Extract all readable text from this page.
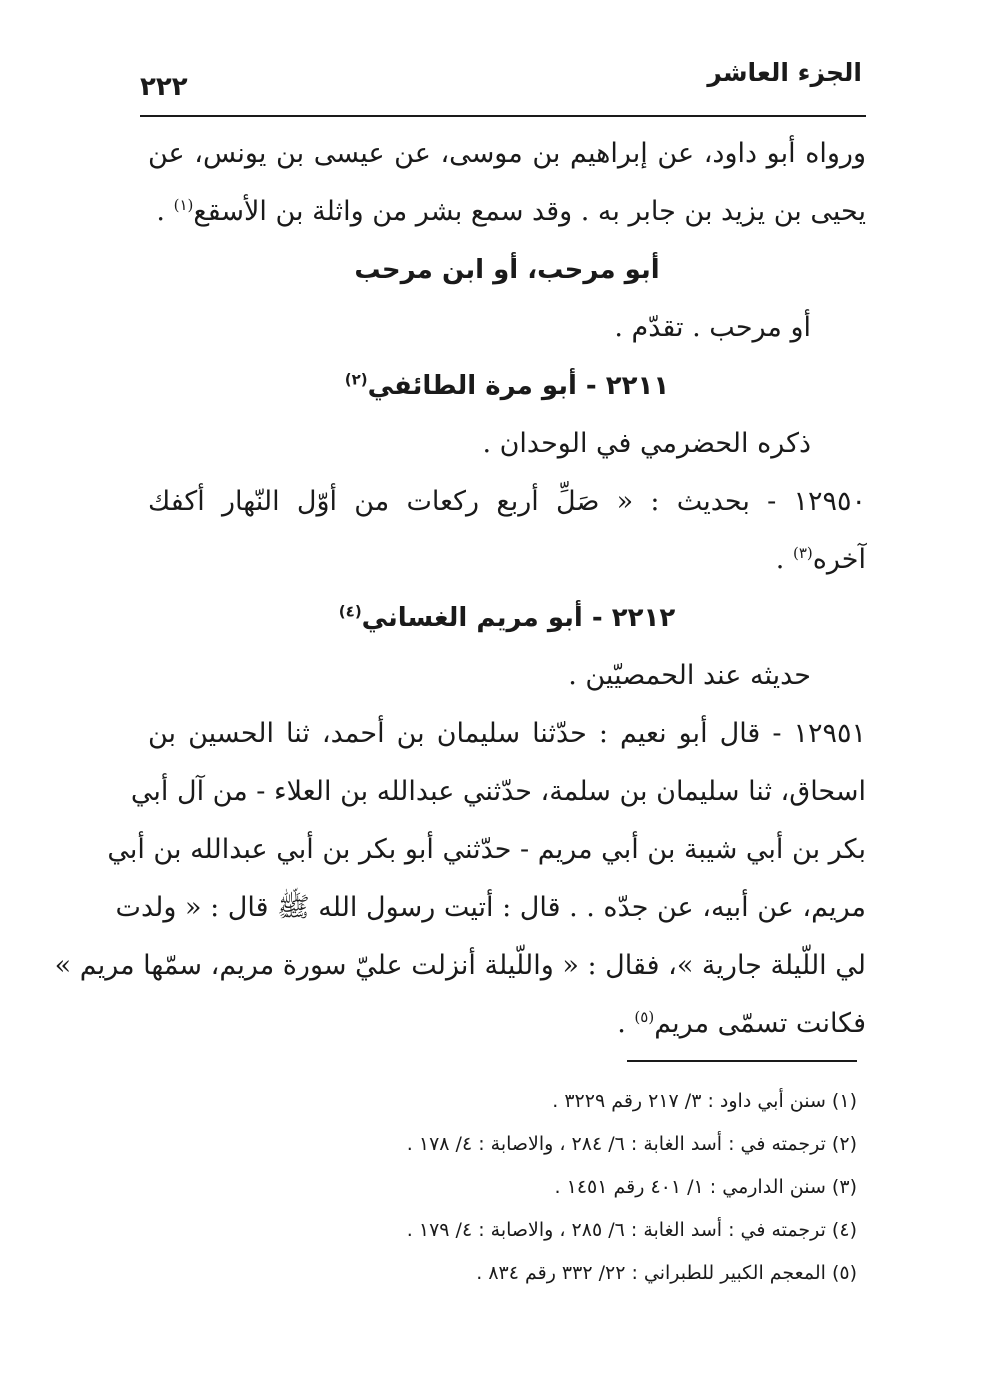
٢٢٢	الجزء العاشر
ورواه أبو داود، عن إبراهيم بن موسى، عن عيسى بن يونس، عن
يحيى بن يزيد بن جابر به . وقد سمع بشر من واثلة بن الأسقع$^{(١)}$ .
أبو مرحب، أو ابن مرحب
أو مرحب . تقدّم .
٢٢١١ - أبو مرة الطائفي$^{(٢)}$
ذكره الحضرمي في الوحدان .
١٢٩٥٠ - بحديث : « صَلِّ أربع ركعات من أوّل النّهار أكفك
آخره$^{(٣)}$ .
٢٢١٢ - أبو مريم الغساني$^{(٤)}$
حديثه عند الحمصيّين .
١٢٩٥١ - قال أبو نعيم : حدّثنا سليمان بن أحمد، ثنا الحسين بن
اسحاق، ثنا سليمان بن سلمة، حدّثني عبدالله بن العلاء - من آل أبي
بكر بن أبي شيبة بن أبي مريم - حدّثني أبو بكر بن أبي عبدالله بن أبي
مريم، عن أبيه، عن جدّه . . قال : أتيت رسول الله ﷺ قال : « ولدت
لي اللّيلة جارية »، فقال : « واللّيلة أنزلت عليّ سورة مريم، سمّها مريم »
فكانت تسمّى مريم$^{(٥)}$ .
(١) سنن أبي داود : ٣/ ٢١٧ رقم ٣٢٢٩ .
(٢) ترجمته في : أسد الغابة : ٦/ ٢٨٤ ، والاصابة : ٤/ ١٧٨ .
(٣) سنن الدارمي : ١/ ٤٠١ رقم ١٤٥١ .
(٤) ترجمته في : أسد الغابة : ٦/ ٢٨٥ ، والاصابة : ٤/ ١٧٩ .
(٥) المعجم الكبير للطبراني : ٢٢/ ٣٣٢ رقم ٨٣٤ .
